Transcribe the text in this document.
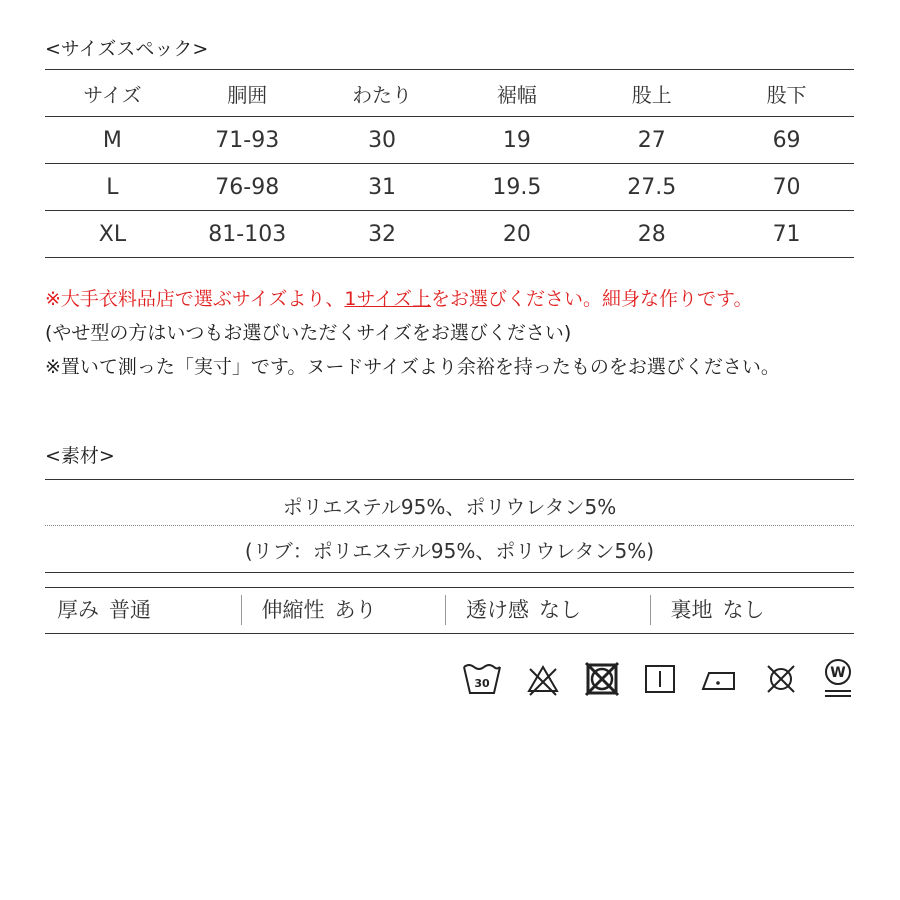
<サイズスペック>
サイズ	胴囲	わたり	裾幅	股上	股下
M	71-93	30	19	27	69
L	76-98	31	19.5	27.5	70
XL	81-103	32	20	28	71
※大手衣料品店で選ぶサイズより、1サイズ上をお選びください。細身な作りです。
(やせ型の方はいつもお選びいただくサイズをお選びください)
※置いて測った「実寸」です。ヌードサイズより余裕を持ったものをお選びください。
<素材>
ポリエステル95%、ポリウレタン5%
(リブ：ポリエステル95%、ポリウレタン5%)
厚み 普通	伸縮性 あり	透け感 なし	裏地 なし
30
W
